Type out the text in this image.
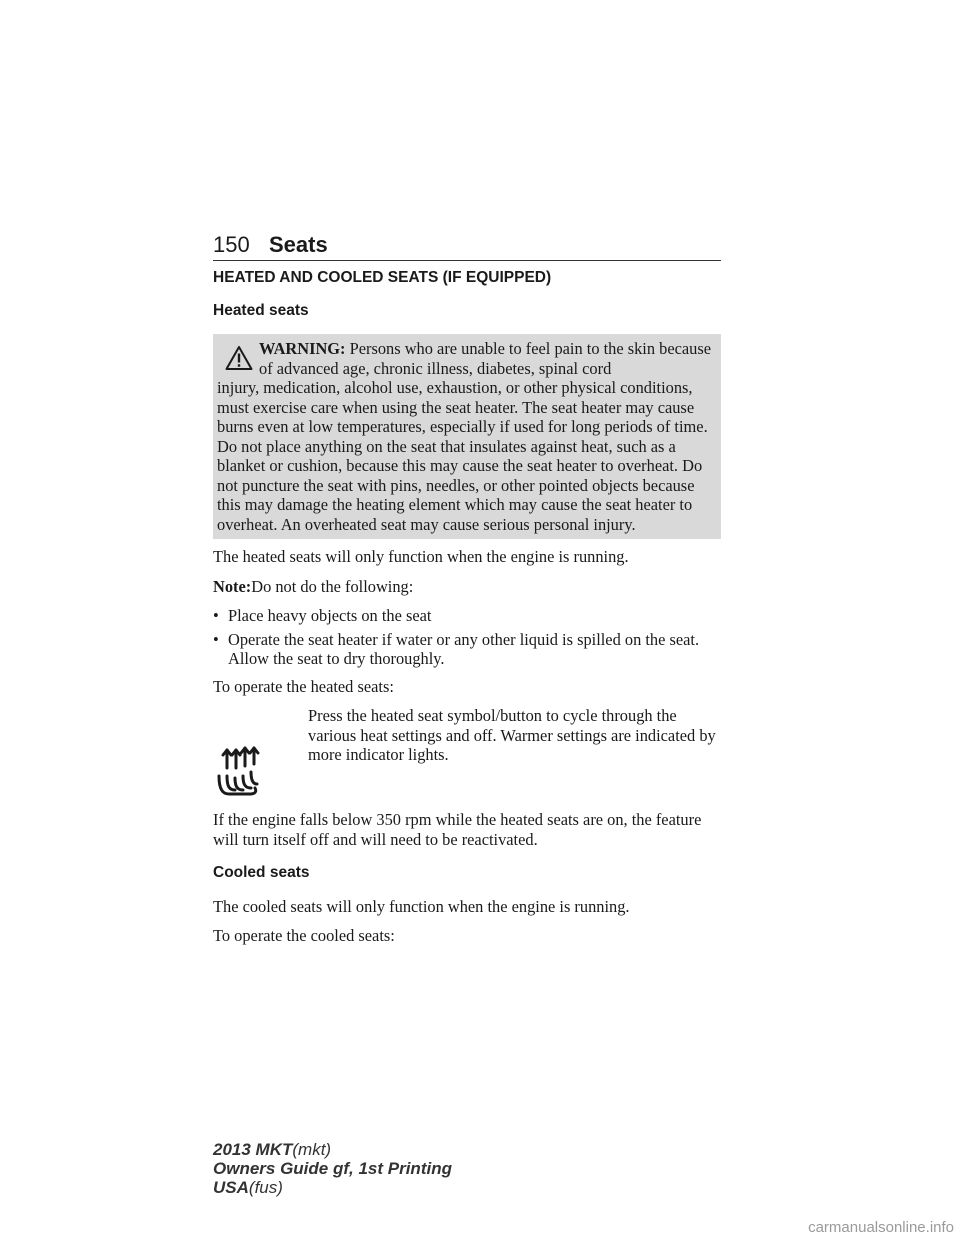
150 Seats
HEATED AND COOLED SEATS (IF EQUIPPED)
Heated seats
WARNING: Persons who are unable to feel pain to the skin because of advanced age, chronic illness, diabetes, spinal cord
injury, medication, alcohol use, exhaustion, or other physical conditions, must exercise care when using the seat heater. The seat heater may cause burns even at low temperatures, especially if used for long periods of time. Do not place anything on the seat that insulates against heat, such as a blanket or cushion, because this may cause the seat heater to overheat. Do not puncture the seat with pins, needles, or other pointed objects because this may damage the heating element which may cause the seat heater to overheat. An overheated seat may cause serious personal injury.

The heated seats will only function when the engine is running.

Note:Do not do the following:

• Place heavy objects on the seat
• Operate the seat heater if water or any other liquid is spilled on the seat. Allow the seat to dry thoroughly.

To operate the heated seats:

Press the heated seat symbol/button to cycle through the various heat settings and off. Warmer settings are indicated by more indicator lights.

If the engine falls below 350 rpm while the heated seats are on, the feature will turn itself off and will need to be reactivated.

Cooled seats

The cooled seats will only function when the engine is running.

To operate the cooled seats:

2013 MKT(mkt)
Owners Guide gf, 1st Printing
USA(fus)
carmanualsonline.info
